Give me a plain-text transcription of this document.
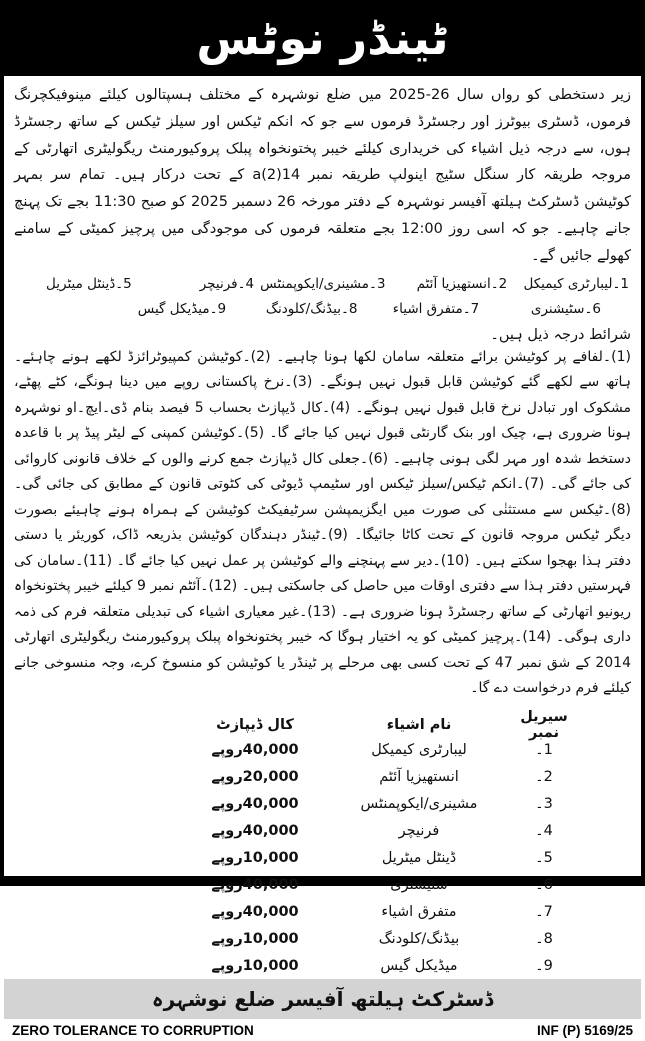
ٹینڈر نوٹس
زیر دستخطی کو رواں سال 26-2025 میں ضلع نوشہرہ کے مختلف ہسپتالوں کیلئے مینوفیکچرنگ فرموں، ڈسٹری بیوٹرز اور رجسٹرڈ فرموں سے جو کہ انکم ٹیکس اور سیلز ٹیکس کے ساتھ رجسٹرڈ ہوں، سے درجہ ذیل اشیاء کی خریداری کیلئے خیبر پختونخواہ پبلک پروکیورمنٹ ریگولیٹری اتھارٹی کے مروجہ طریقہ کار سنگل سٹیج اینولپ طریقہ نمبر 14(2)a کے تحت درکار ہیں۔ تمام سر بمہر کوٹیشن ڈسٹرکٹ ہیلتھ آفیسر نوشہرہ کے دفتر مورخہ 26 دسمبر 2025 کو صبح 11:30 بجے تک پہنچ جانے چاہیے۔ جو کہ اسی روز 12:00 بجے متعلقہ فرموں کی موجودگی میں پرچیز کمیٹی کے سامنے کھولے جائیں گے۔
1۔لیبارٹری کیمیکل
2۔انستھیزیا آئٹم
3۔مشینری/ایکوپمنٹس
4۔فرنیچر
5۔ڈینٹل میٹریل
6۔سٹیشنری
7۔متفرق اشیاء
8۔بیڈنگ/کلودنگ
9۔میڈیکل گیس
شرائط درجہ ذیل ہیں۔
(1)۔لفافے پر کوٹیشن برائے متعلقہ سامان لکھا ہونا چاہیے۔ (2)۔کوٹیشن کمپیوٹرائزڈ لکھے ہونے چاہئے۔ ہاتھ سے لکھے گئے کوٹیشن قابل قبول نہیں ہونگے۔ (3)۔نرخ پاکستانی روپے میں دینا ہونگے، کٹے پھٹے، مشکوک اور تبادل نرخ قابل قبول نہیں ہونگے۔ (4)۔کال ڈیپازٹ بحساب 5 فیصد بنام ڈی۔ایچ۔او نوشہرہ ہونا ضروری ہے، چیک اور بنک گارنٹی قبول نہیں کیا جائے گا۔ (5)۔کوٹیشن کمپنی کے لیٹر پیڈ پر با قاعدہ دستخط شدہ اور مہر لگی ہونی چاہیے۔ (6)۔جعلی کال ڈیپازٹ جمع کرنے والوں کے خلاف قانونی کاروائی کی جائے گی۔ (7)۔انکم ٹیکس/سیلز ٹیکس اور سٹیمپ ڈیوٹی کی کٹوتی قانون کے مطابق کی جائی گی۔ (8)۔ٹیکس سے مستثنٰی کی صورت میں ایگزیمپشن سرٹیفیکٹ کوٹیشن کے ہمراہ ہونے چاہیئے بصورت دیگر ٹیکس مروجہ قانون کے تحت کاٹا جائیگا۔ (9)۔ٹینڈر دہندگان کوٹیشن بذریعہ ڈاک، کوریئر یا دستی دفتر ہذا بھجوا سکتے ہیں۔ (10)۔دیر سے پہنچنے والے کوٹیشن پر عمل نہیں کیا جائے گا۔ (11)۔سامان کی فہرستیں دفتر ہذا سے دفتری اوقات میں حاصل کی جاسکتی ہیں۔ (12)۔آئٹم نمبر 9 کیلئے خیبر پختونخواہ ریونیو اتھارٹی کے ساتھ رجسٹرڈ ہونا ضروری ہے۔ (13)۔غیر معیاری اشیاء کی تبدیلی متعلقہ فرم کی ذمہ داری ہوگی۔ (14)۔پرچیز کمیٹی کو یہ اختیار ہوگا کہ خیبر پختونخواہ پبلک پروکیورمنٹ ریگولیٹری اتھارٹی 2014 کے شق نمبر 47 کے تحت کسی بھی مرحلے پر ٹینڈر یا کوٹیشن کو منسوخ کرے، وجہ منسوخی جانے کیلئے فرم درخواست دے گا۔
سیریل نمبر
نام اشیاء
کال ڈیپازٹ
1۔
لیبارٹری کیمیکل
40,000روپے
2۔
انستھیزیا آئٹم
20,000روپے
3۔
مشینری/ایکوپمنٹس
40,000روپے
4۔
فرنیچر
40,000روپے
5۔
ڈینٹل میٹریل
10,000روپے
6۔
سٹیشنری
40,000روپے
7۔
متفرق اشیاء
40,000روپے
8۔
بیڈنگ/کلودنگ
10,000روپے
9۔
میڈیکل گیس
10,000روپے
ڈسٹرکٹ ہیلتھ آفیسر ضلع نوشہرہ
ZERO TOLERANCE TO CORRUPTION	INF (P) 5169/25
